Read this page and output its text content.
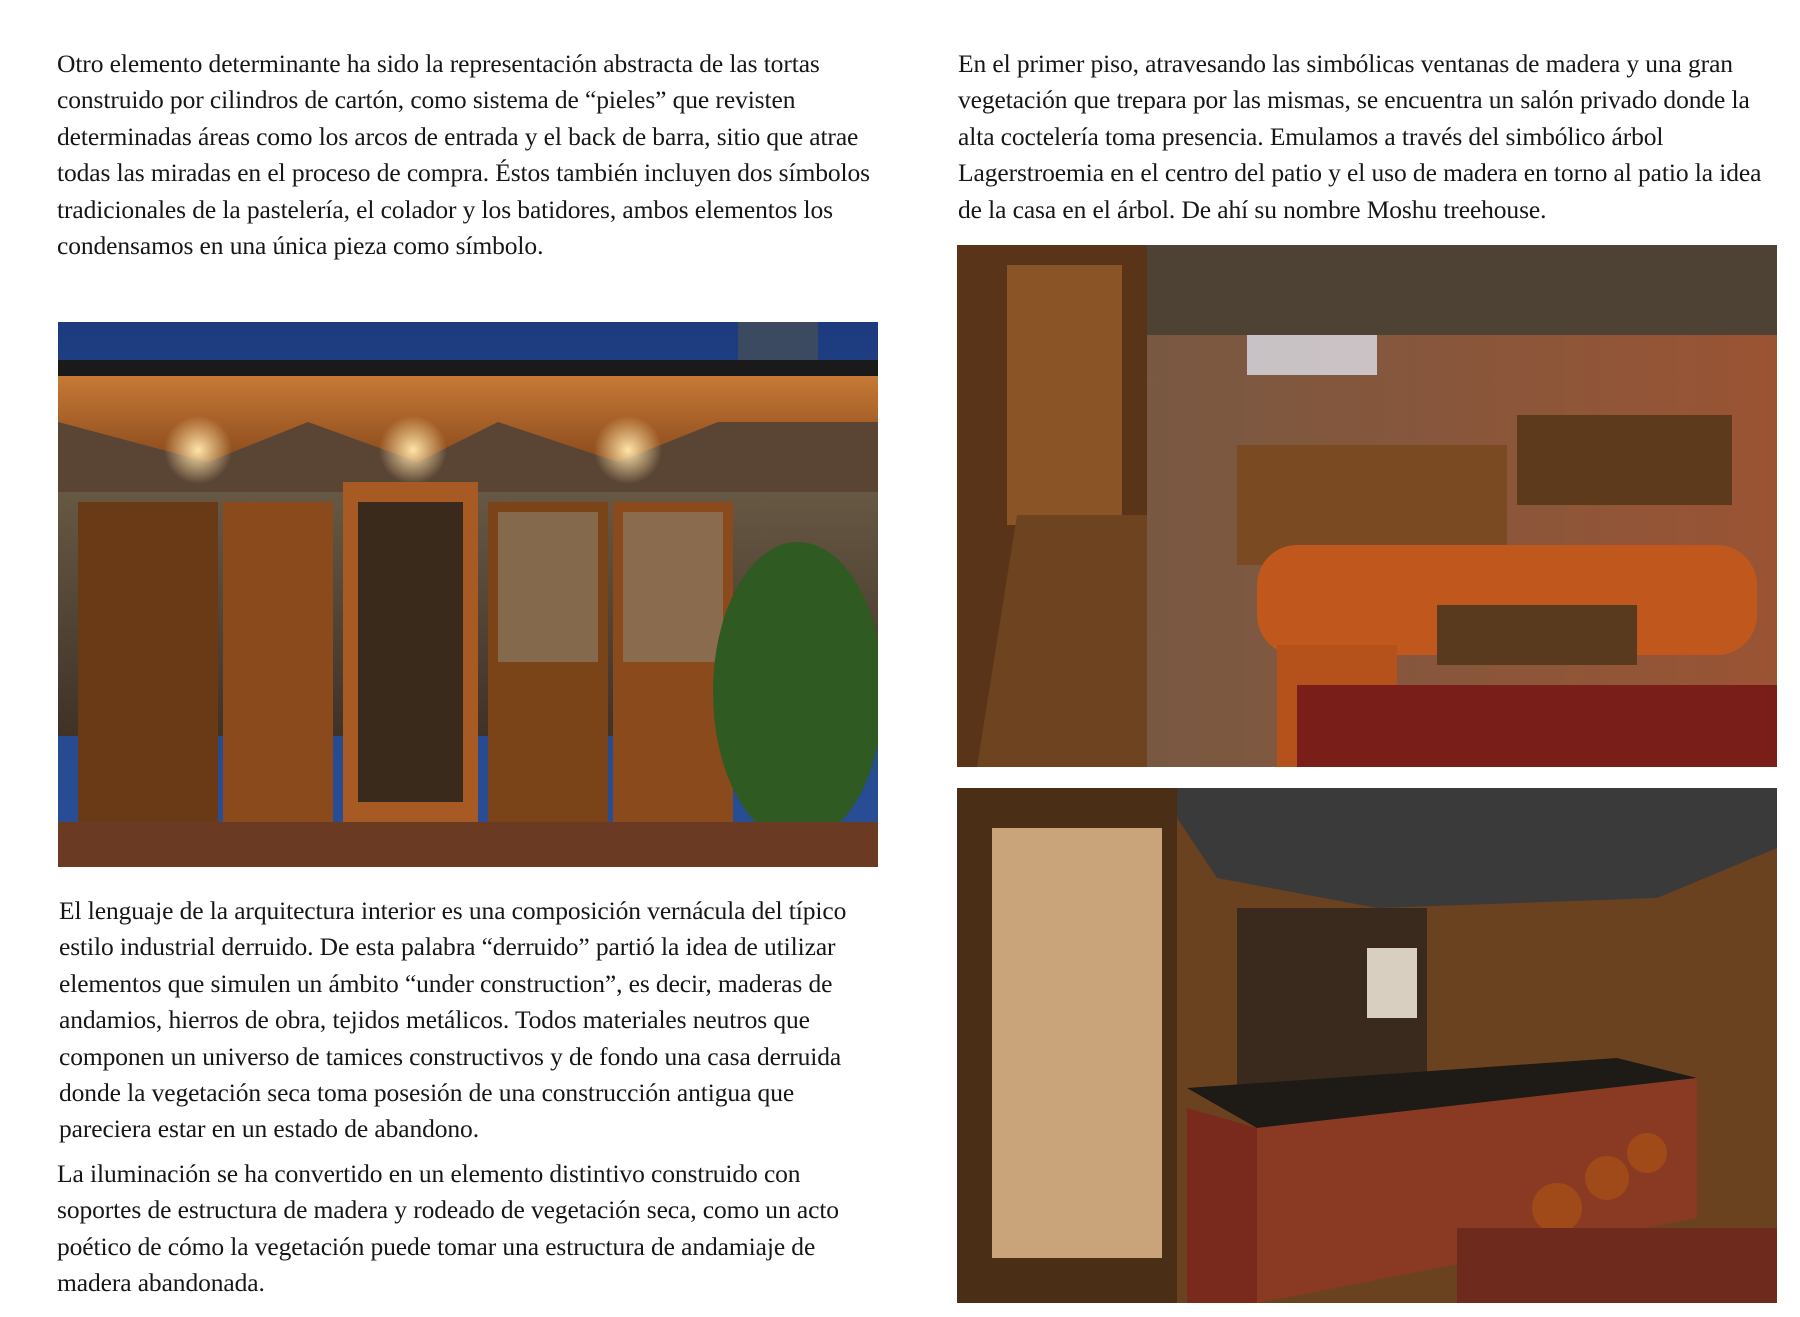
Otro elemento determinante ha sido la representación abstracta de las tortas construido por cilindros de cartón, como sistema de “pieles” que revisten determinadas áreas como los arcos de entrada y el back de barra, sitio que atrae todas las miradas en el proceso de compra. Éstos también incluyen dos símbolos tradicionales de la pastelería, el colador y los batidores, ambos elementos los condensamos en una única pieza como símbolo.

En el primer piso, atravesando las simbólicas ventanas de madera y una gran vegetación que trepara por las mismas, se encuentra un salón privado donde la alta coctelería toma presencia. Emulamos a través del simbólico árbol Lagerstroemia en el centro del patio y el uso de madera en torno al patio la idea de la casa en el árbol. De ahí su nombre Moshu treehouse.

El lenguaje de la arquitectura interior es una composición vernácula del típico estilo industrial derruido. De esta palabra “derruido” partió la idea de utilizar elementos que simulen un ámbito “under construction”, es decir, maderas de andamios, hierros de obra, tejidos metálicos. Todos materiales neutros que componen un universo de tamices constructivos y de fondo una casa derruida donde la vegetación seca toma posesión de una construcción antigua que pareciera estar en un estado de abandono.

La iluminación se ha convertido en un elemento distintivo construido con soportes de estructura de madera y rodeado de vegetación seca, como un acto poético de cómo la vegetación puede tomar una estructura de andamiaje de madera abandonada.
